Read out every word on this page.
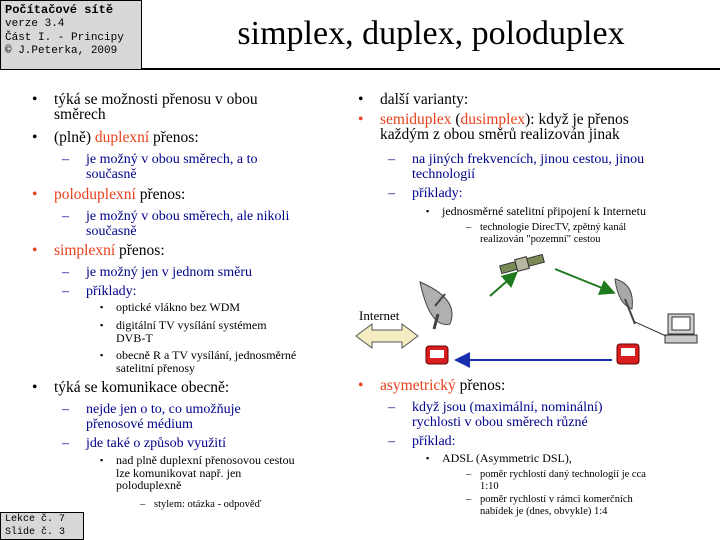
Počítačové sítě
verze 3.4
Část I. - Principy
© J.Peterka, 2009	simplex, duplex, poloduplex
• týká se možnosti přenosu v obou
směrech
• (plně) duplexní přenos:
– je možný v obou směrech, a to
současně
• poloduplexní přenos:
– je možný v obou směrech, ale nikoli
současně
• simplexní přenos:
– je možný jen v jednom směru
– příklady:
▪ optické vlákno bez WDM
▪ digitální TV vysílání systémem
DVB-T
▪ obecně R a TV vysílání, jednosměrné
satelitní přenosy
• týká se komunikace obecně:
– nejde jen o to, co umožňuje
přenosové médium
– jde také o způsob využití
▪ nad plně duplexní přenosovou cestou
lze komunikovat např. jen
poloduplexně
– stylem: otázka - odpověď
• další varianty:
• semiduplex (dusimplex): když je přenos
každým z obou směrů realizován jinak
– na jiných frekvencích, jinou cestou, jinou
technologií
– příklady:
▪ jednosměrné satelitní připojení k Internetu
– technologie DirecTV, zpětný kanál
realizován "pozemní" cestou
Internet
• asymetrický přenos:
– když jsou (maximální, nominální)
rychlosti v obou směrech různé
– příklad:
▪ ADSL (Asymmetric DSL),
– poměr rychlostí daný technologií je cca
1:10
– poměr rychlostí v rámci komerčních
nabídek je (dnes, obvykle) 1:4
Lekce č. 7
Slide č. 3
